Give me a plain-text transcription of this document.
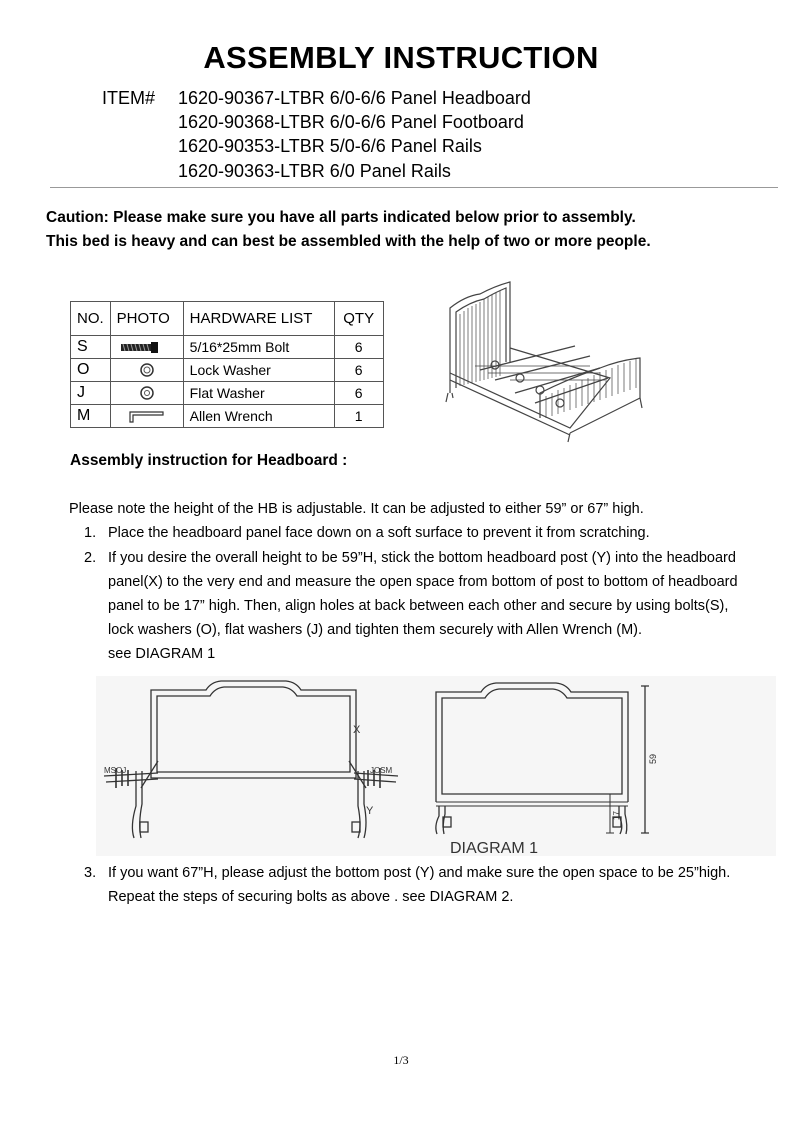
ASSEMBLY INSTRUCTION
ITEM# 1620-90367-LTBR 6/0-6/6 Panel Headboard
1620-90368-LTBR 6/0-6/6 Panel Footboard
1620-90353-LTBR 5/0-6/6 Panel Rails
1620-90363-LTBR 6/0 Panel Rails
Caution: Please make sure you have all parts indicated below prior to assembly.
This bed is heavy and can best be assembled with the help of two or more people.
NO.	PHOTO	HARDWARE LIST	QTY
S		5/16*25mm Bolt	6
O		Lock Washer	6
J		Flat Washer	6
M		Allen Wrench	1
Assembly instruction for Headboard :
Please note the height of the HB is adjustable. It can be adjusted to either 59” or 67” high.
1. Place the headboard panel face down on a soft surface to prevent it from scratching.
2. If you desire the overall height to be 59”H, stick the bottom headboard post (Y) into the headboard
panel(X) to the very end and measure the open space from bottom of post to bottom of headboard
panel to be 17” high. Then, align holes at back between each other and secure by using bolts(S),
lock washers (O), flat washers (J) and tighten them securely with Allen Wrench (M).
see DIAGRAM 1
X
Y
MSOJ	JOSM
59
17
DIAGRAM 1
3. If you want 67”H, please adjust the bottom post (Y) and make sure the open space to be 25”high.
Repeat the steps of securing bolts as above . see DIAGRAM 2.
1/3
